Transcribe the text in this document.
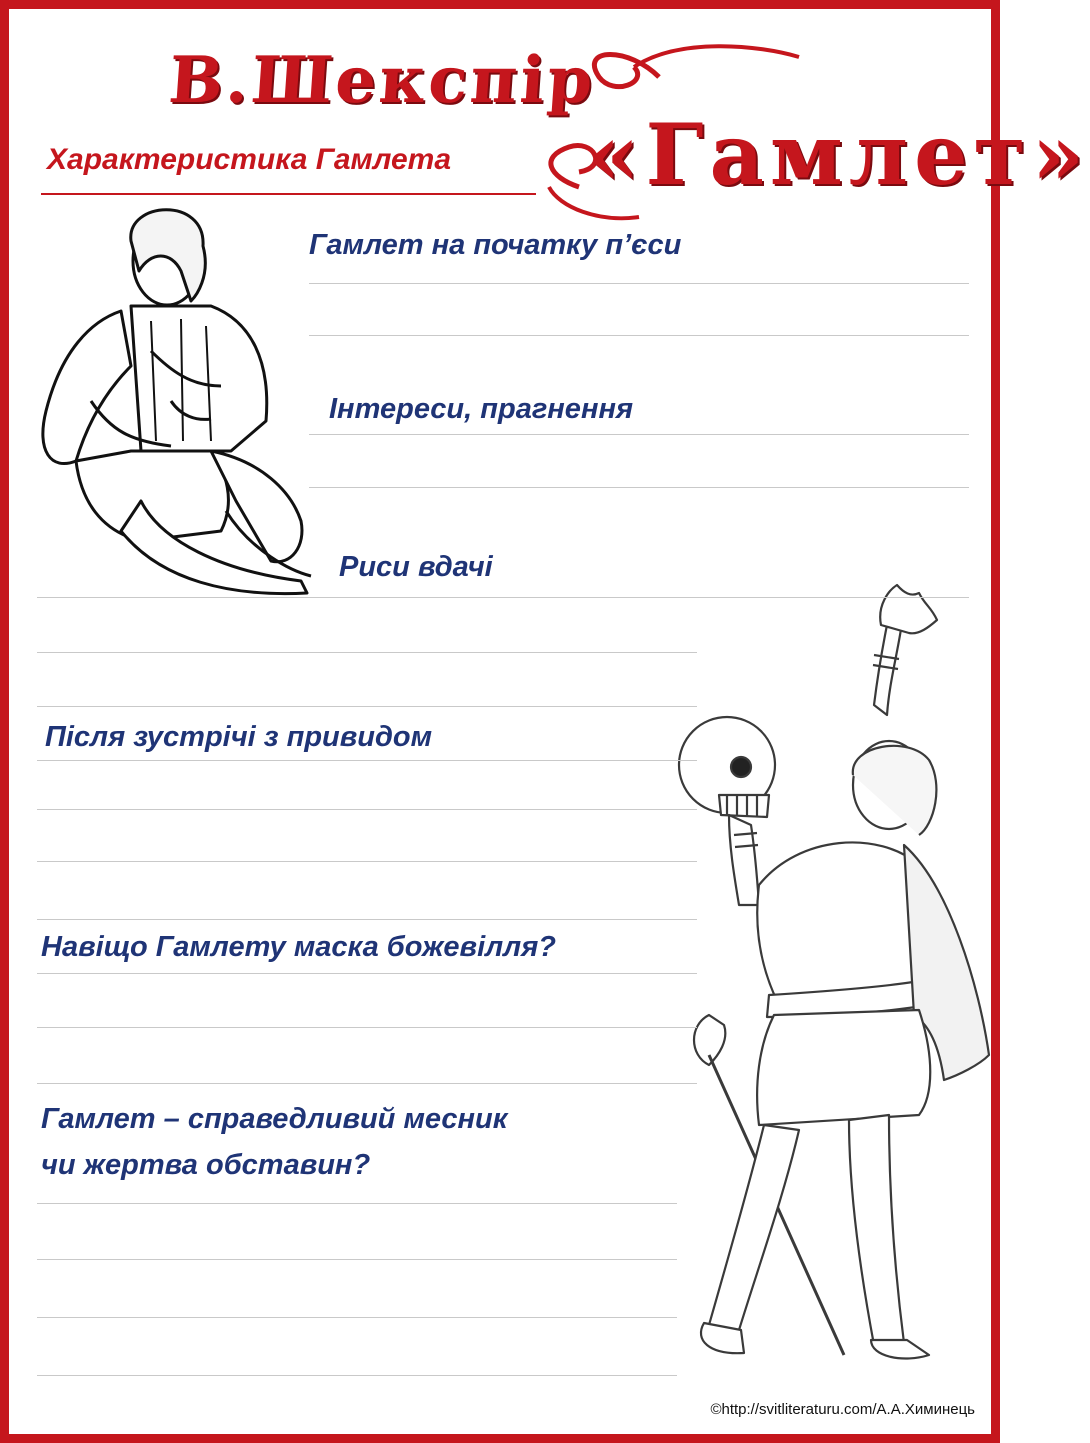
В.Шекспір
Характеристика Гамлета «Гамлет»
Гамлет на початку п’єси
Інтереси, прагнення
Риси вдачі
Після зустрічі з привидом
Навіщо Гамлету маска божевілля?
Гамлет – справедливий месник
чи жертва обставин?
©http://svitliteraturu.com/А.А.Химинець
